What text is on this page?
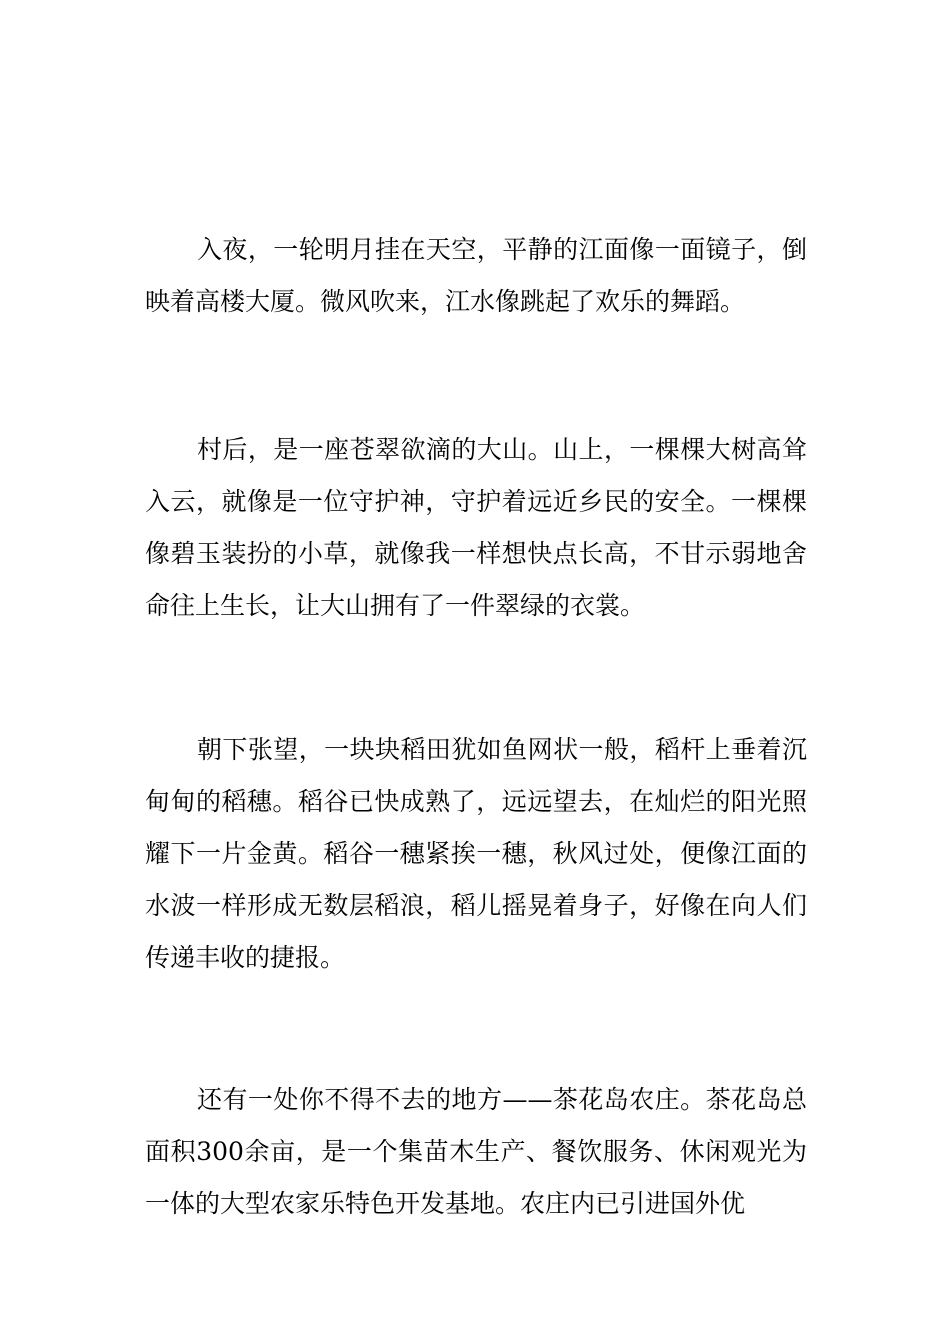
入夜，一轮明月挂在天空，平静的江面像一面镜子，倒映着高楼大厦。微风吹来，江水像跳起了欢乐的舞蹈。

村后，是一座苍翠欲滴的大山。山上，一棵棵大树高耸入云，就像是一位守护神，守护着远近乡民的安全。一棵棵像碧玉装扮的小草，就像我一样想快点长高，不甘示弱地舍命往上生长，让大山拥有了一件翠绿的衣裳。

朝下张望，一块块稻田犹如鱼网状一般，稻杆上垂着沉甸甸的稻穗。稻谷已快成熟了，远远望去，在灿烂的阳光照耀下一片金黄。稻谷一穗紧挨一穗，秋风过处，便像江面的水波一样形成无数层稻浪，稻儿摇晃着身子，好像在向人们传递丰收的捷报。

还有一处你不得不去的地方——茶花岛农庄。茶花岛总面积300余亩，是一个集苗木生产、餐饮服务、休闲观光为一体的大型农家乐特色开发基地。农庄内已引进国外优
